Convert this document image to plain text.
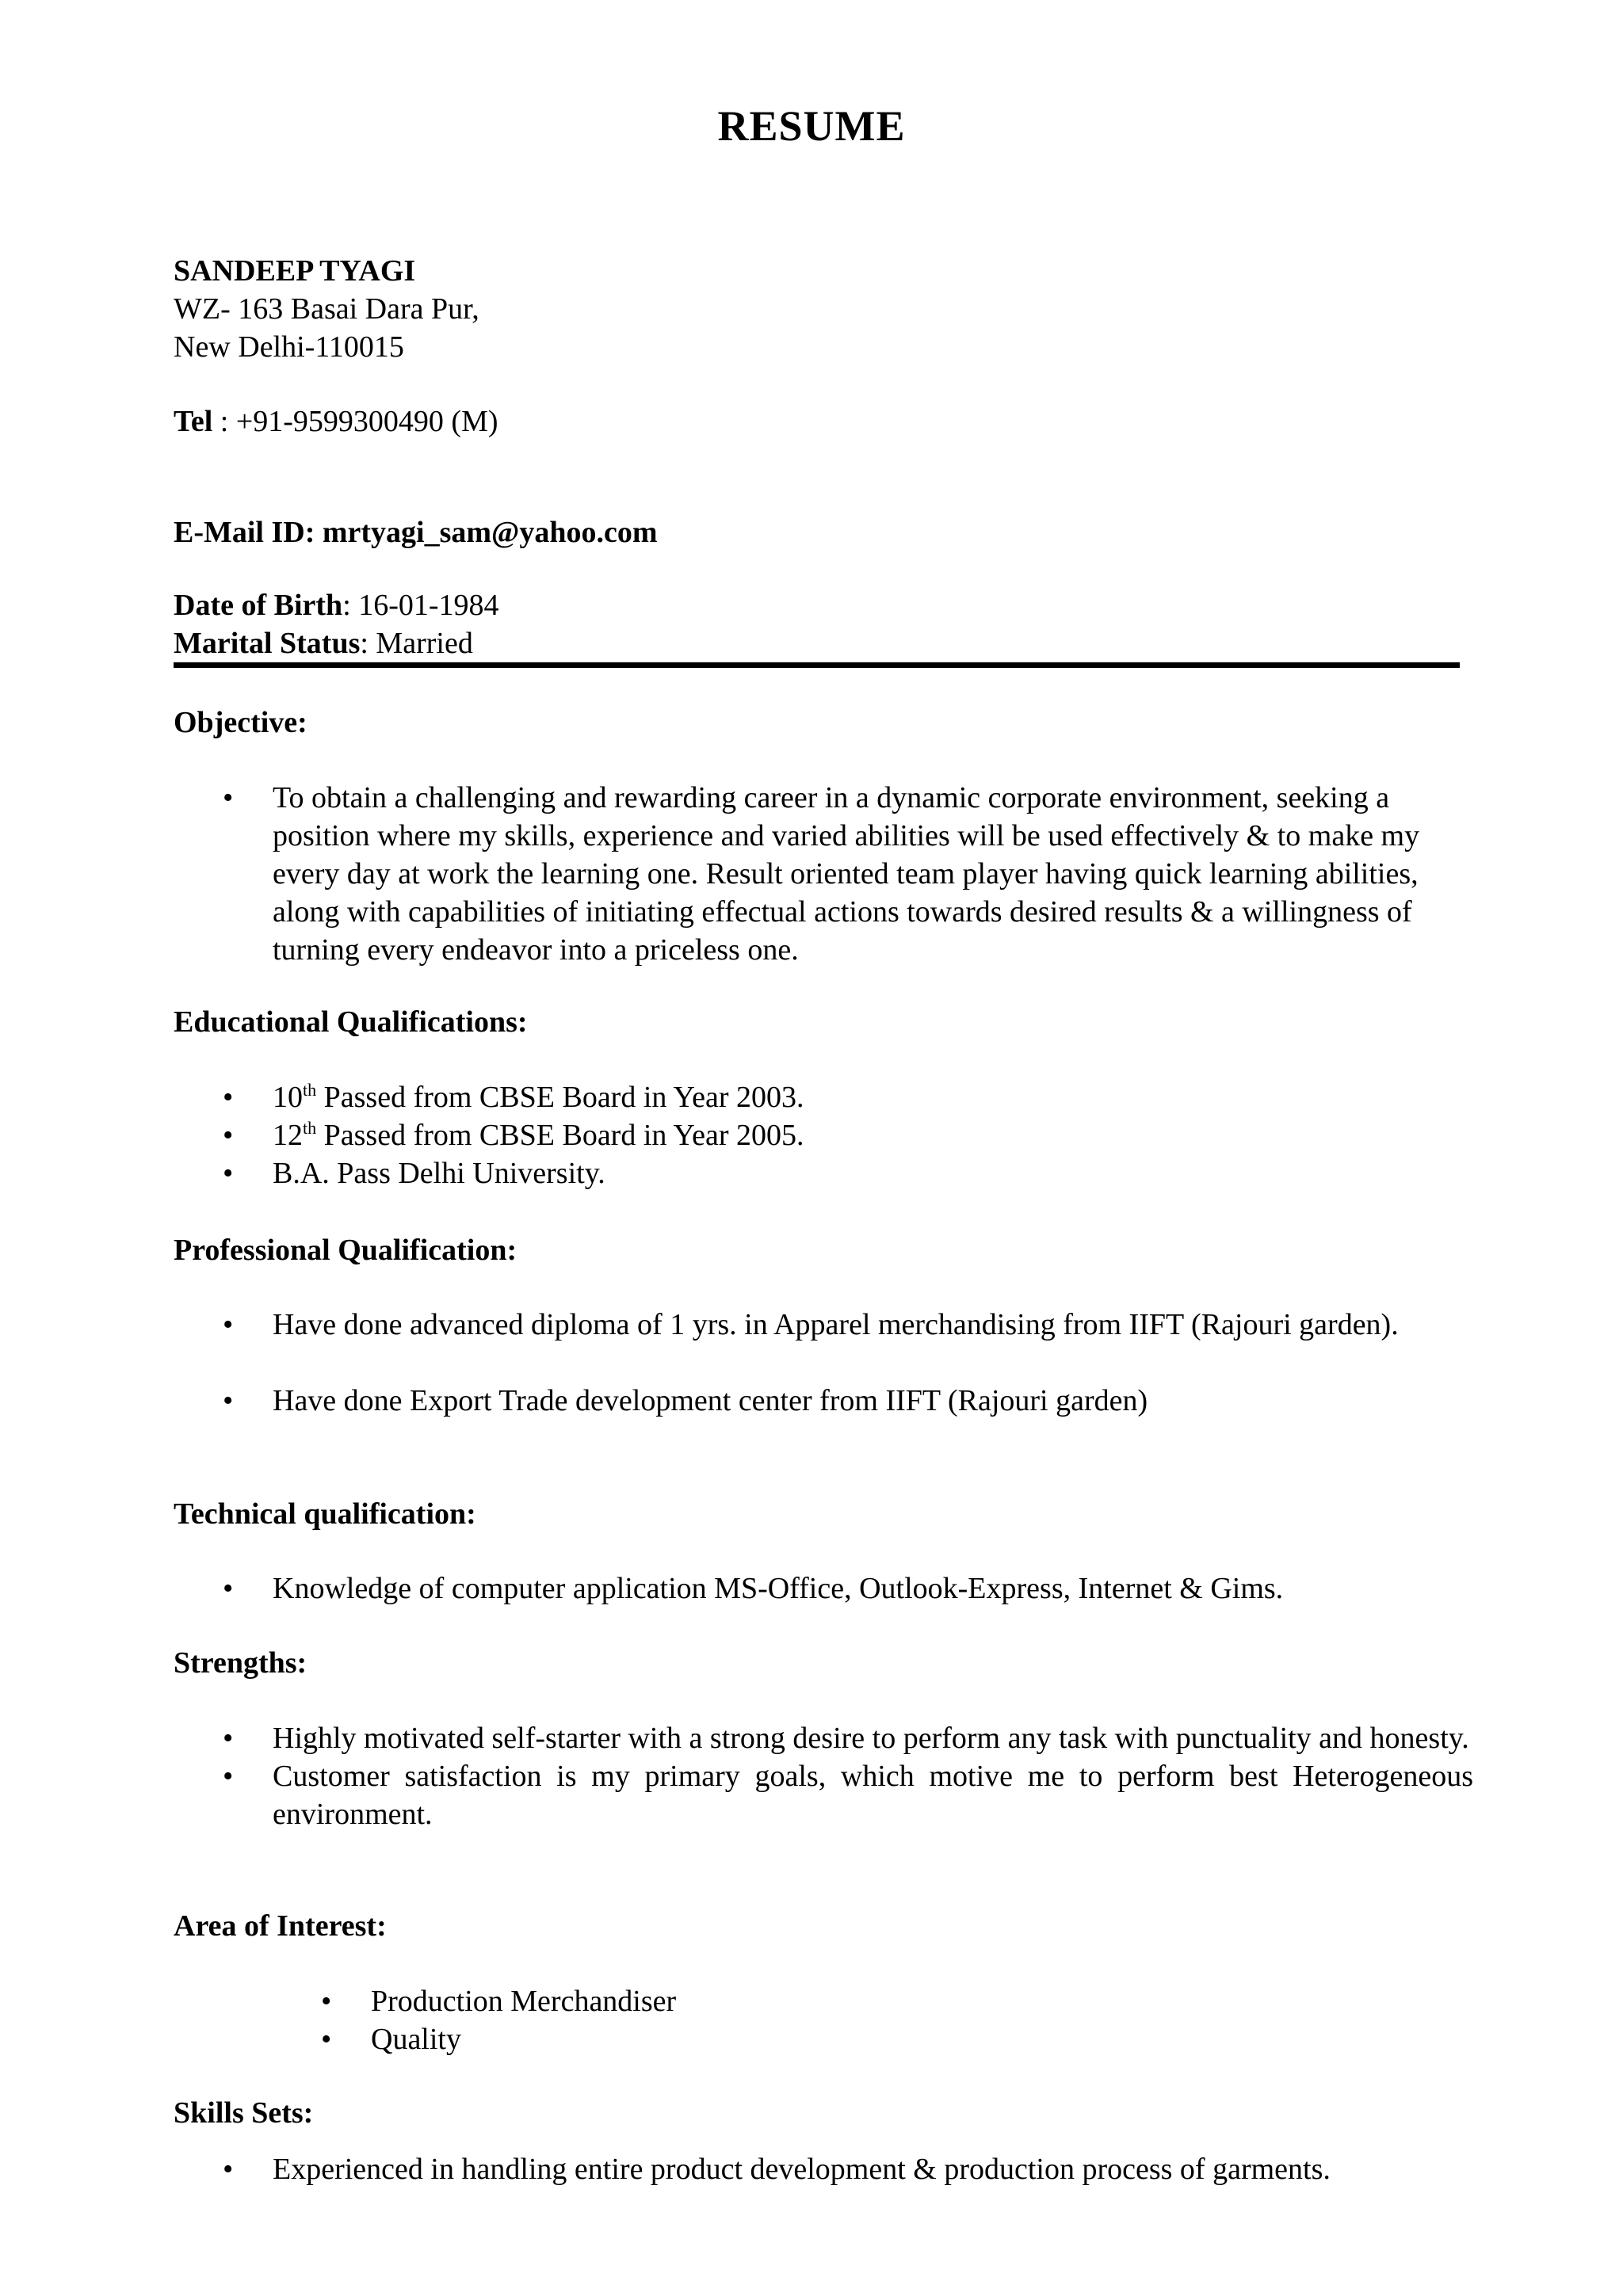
RESUME
SANDEEP TYAGI
WZ- 163 Basai Dara Pur,
New Delhi-110015
Tel : +91-9599300490 (M)
E-Mail ID: mrtyagi_sam@yahoo.com
Date of Birth: 16-01-1984
Marital Status: Married
Objective:
• To obtain a challenging and rewarding career in a dynamic corporate environment, seeking a position where my skills, experience and varied abilities will be used effectively & to make my every day at work the learning one. Result oriented team player having quick learning abilities, along with capabilities of initiating effectual actions towards desired results & a willingness of turning every endeavor into a priceless one.
Educational Qualifications:
• 10th Passed from CBSE Board in Year 2003.
• 12th Passed from CBSE Board in Year 2005.
• B.A. Pass Delhi University.
Professional Qualification:
• Have done advanced diploma of 1 yrs. in Apparel merchandising from IIFT (Rajouri garden).
• Have done Export Trade development center from IIFT (Rajouri garden)
Technical qualification:
• Knowledge of computer application MS-Office, Outlook-Express, Internet & Gims.
Strengths:
• Highly motivated self-starter with a strong desire to perform any task with punctuality and honesty.
• Customer satisfaction is my primary goals, which motive me to perform best Heterogeneous environment.
Area of Interest:
• Production Merchandiser
• Quality
Skills Sets:
• Experienced in handling entire product development & production process of garments.
